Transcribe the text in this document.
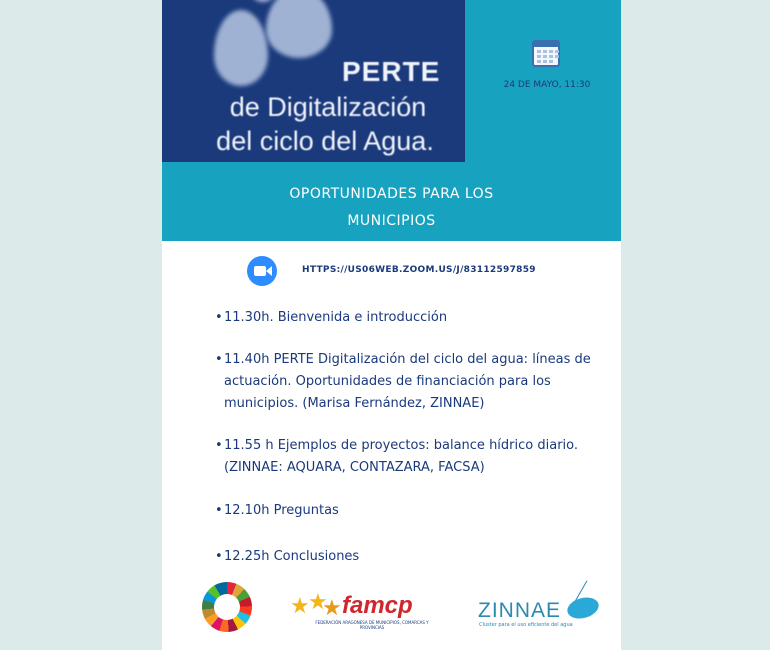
PERTE
de Digitalización
del ciclo del Agua.
24 DE MAYO, 11:30
OPORTUNIDADES PARA LOS
MUNICIPIOS
HTTPS://US06WEB.ZOOM.US/J/83112597859
• 11.30h. Bienvenida e introducción
• 11.40h PERTE Digitalización del ciclo del agua: líneas de
actuación. Oportunidades de financiación para los
municipios. (Marisa Fernández, ZINNAE)
• 11.55 h Ejemplos de proyectos: balance hídrico diario.
(ZINNAE: AQUARA, CONTAZARA, FACSA)
• 12.10h Preguntas
• 12.25h Conclusiones
★
★
★ famcp
FEDERACIÓN ARAGONESA DE MUNICIPIOS, COMARCAS Y PROVINCIAS
ZINNAE
Cluster para el uso eficiente del agua
